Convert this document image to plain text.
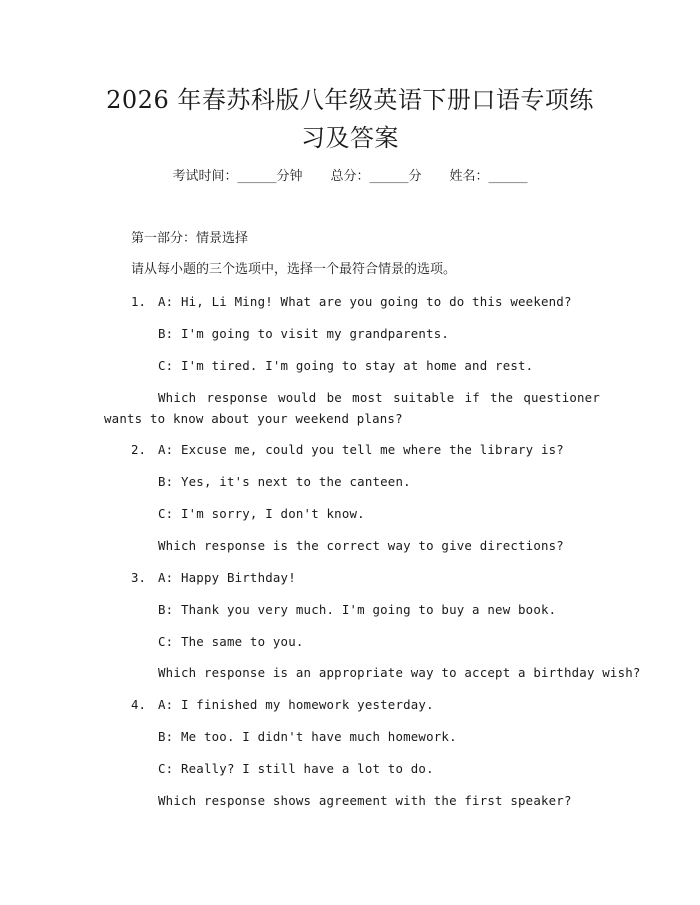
2026 年春苏科版八年级英语下册口语专项练
习及答案
考试时间：______分钟 总分：______分 姓名：______
第一部分：情景选择
请从每小题的三个选项中，选择一个最符合情景的选项。
1. A: Hi, Li Ming! What are you going to do this weekend?
B: I'm going to visit my grandparents.
C: I'm tired. I'm going to stay at home and rest.
Which response would be most suitable if the questioner wants to know about your weekend plans?
2. A: Excuse me, could you tell me where the library is?
B: Yes, it's next to the canteen.
C: I'm sorry, I don't know.
Which response is the correct way to give directions?
3. A: Happy Birthday!
B: Thank you very much. I'm going to buy a new book.
C: The same to you.
Which response is an appropriate way to accept a birthday wish?
4. A: I finished my homework yesterday.
B: Me too. I didn't have much homework.
C: Really? I still have a lot to do.
Which response shows agreement with the first speaker?
